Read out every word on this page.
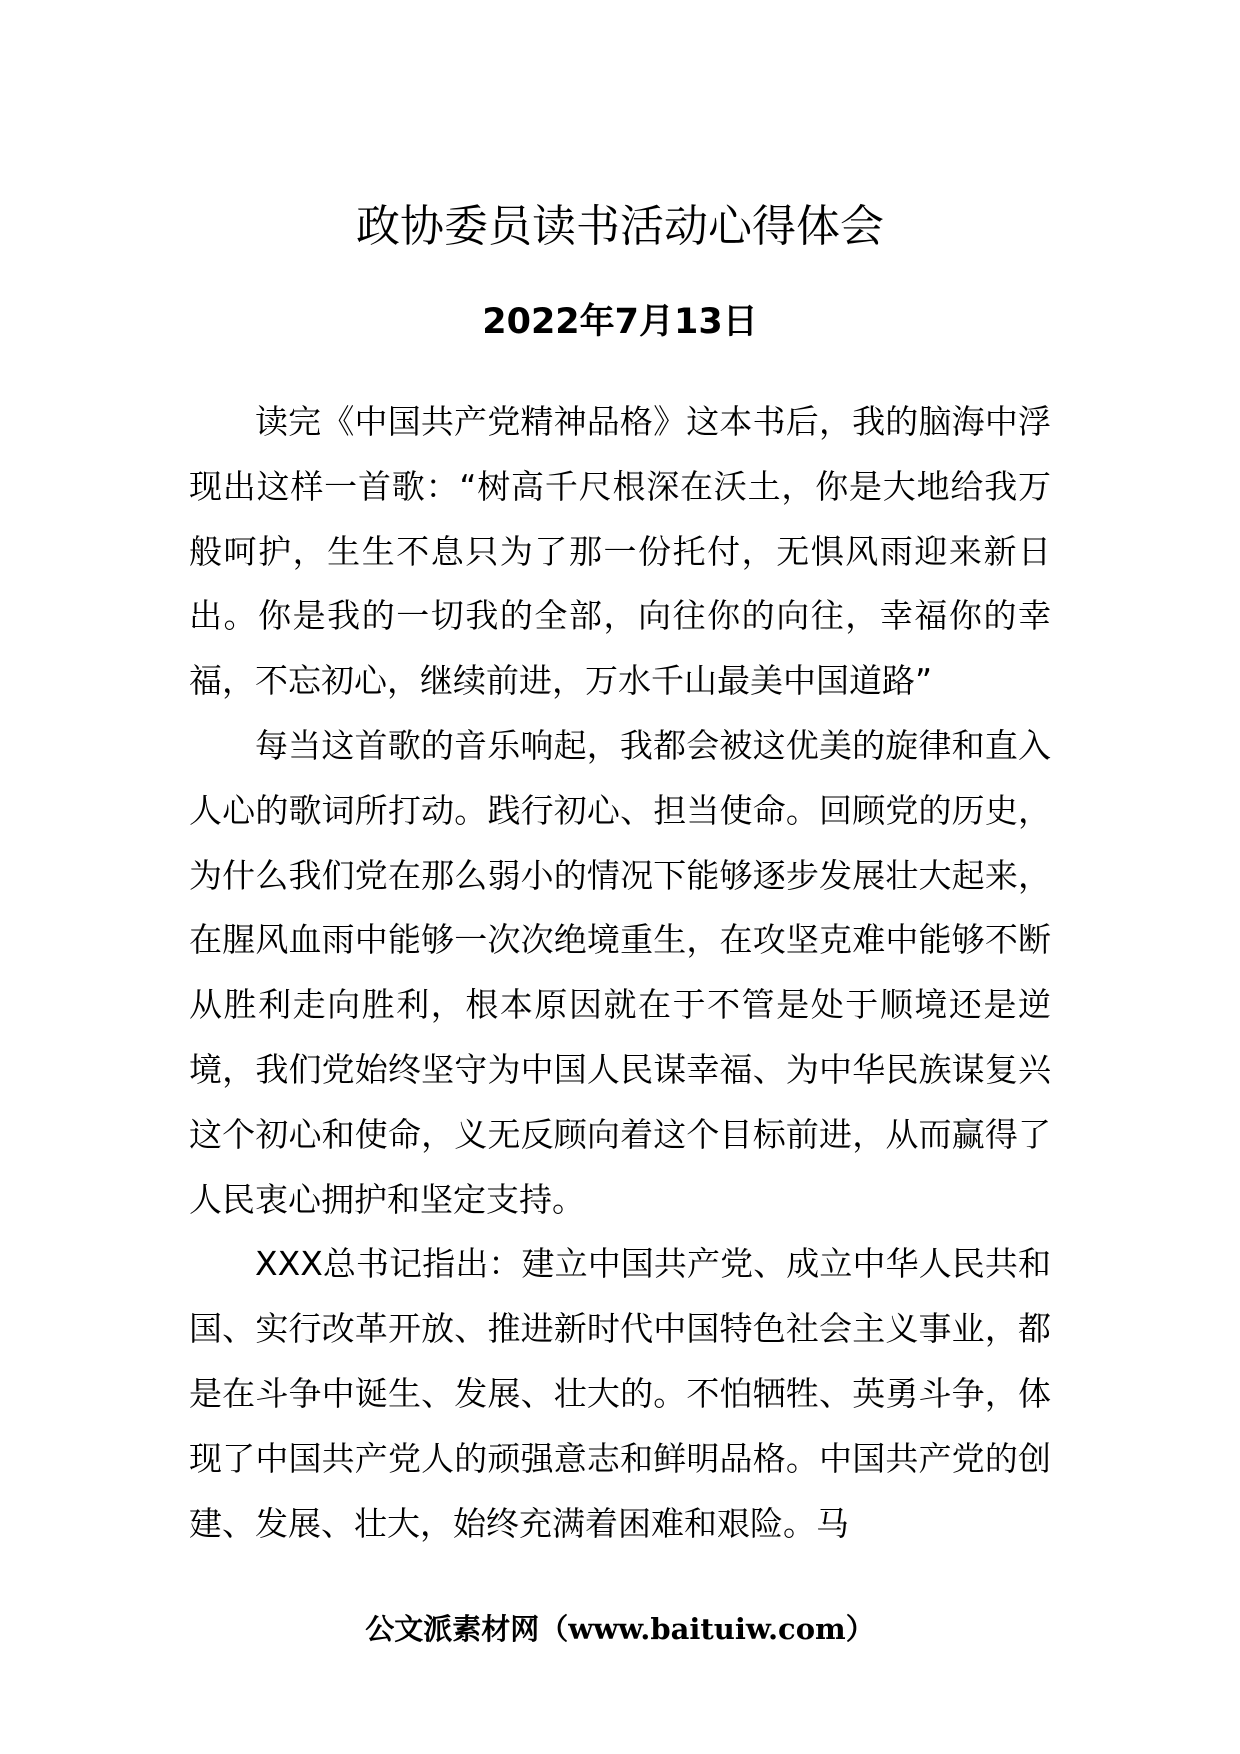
政协委员读书活动心得体会
2022年7月13日

读完《中国共产党精神品格》这本书后，我的脑海中浮现出这样一首歌：“树高千尺根深在沃土，你是大地给我万般呵护，生生不息只为了那一份托付，无惧风雨迎来新日出。你是我的一切我的全部，向往你的向往，幸福你的幸福，不忘初心，继续前进，万水千山最美中国道路”

每当这首歌的音乐响起，我都会被这优美的旋律和直入人心的歌词所打动。践行初心、担当使命。回顾党的历史，为什么我们党在那么弱小的情况下能够逐步发展壮大起来，在腥风血雨中能够一次次绝境重生，在攻坚克难中能够不断从胜利走向胜利，根本原因就在于不管是处于顺境还是逆境，我们党始终坚守为中国人民谋幸福、为中华民族谋复兴这个初心和使命，义无反顾向着这个目标前进，从而赢得了人民衷心拥护和坚定支持。

XXX总书记指出：建立中国共产党、成立中华人民共和国、实行改革开放、推进新时代中国特色社会主义事业，都是在斗争中诞生、发展、壮大的。不怕牺牲、英勇斗争，体现了中国共产党人的顽强意志和鲜明品格。中国共产党的创建、发展、壮大，始终充满着困难和艰险。马

公文派素材网（www.baituiw.com）
